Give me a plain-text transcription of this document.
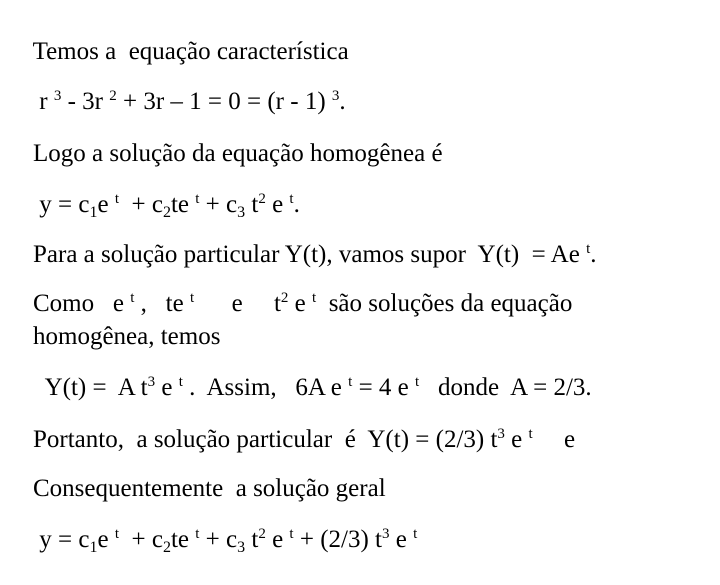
Temos a  equação característica

r $^3$ - 3r $^2$ + 3r – 1 = 0 = (r - 1) $^3$.

Logo a solução da equação homogênea é

$y = c_1e$ $^t + c_2te$ $^t + c_3$ $t^2$ e $^t$.

Para a solução particular Y(t), vamos supor  Y(t)  = Ae $^t$.

Como   e $^t$ ,   te $^t$      e     $t^2$ e $^t$  são soluções da equação

homogênea, temos

Y(t) =  A $t^3$ e $^t$ .  Assim,   6A e $^t$ = 4 e $^t$   donde  A = 2/3.

Portanto,  a solução particular  é  Y(t) = (2/3) $t^3$ e $^t$     e

Consequentemente  a solução geral

$y = c_1e$ $^t + c_2te$ $^t + c_3$ $t^2$ e $^t$ + (2/3) $t^3$ e $^t$
